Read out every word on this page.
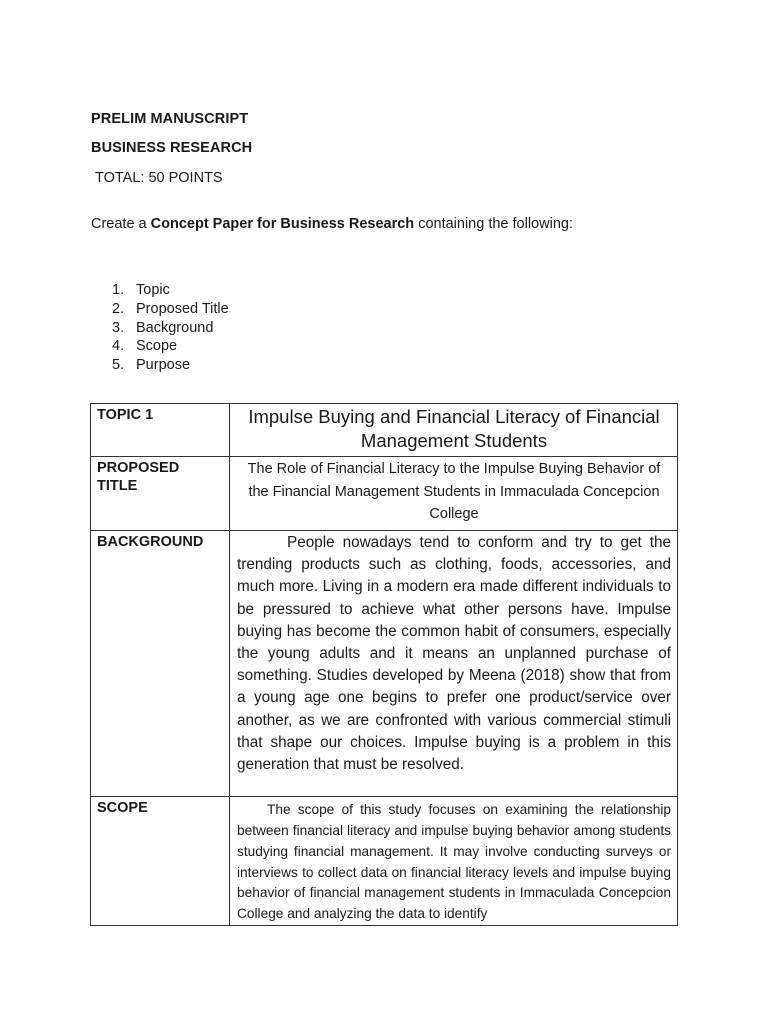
PRELIM MANUSCRIPT
BUSINESS RESEARCH
TOTAL: 50 POINTS
Create a Concept Paper for Business Research containing the following:
1. Topic
2. Proposed Title
3. Background
4. Scope
5. Purpose
TOPIC 1	Impulse Buying and Financial Literacy of Financial Management Students

PROPOSED TITLE	The Role of Financial Literacy to the Impulse Buying Behavior of the Financial Management Students in Immaculada Concepcion College

BACKGROUND	People nowadays tend to conform and try to get the trending products such as clothing, foods, accessories, and much more. Living in a modern era made different individuals to be pressured to achieve what other persons have. Impulse buying has become the common habit of consumers, especially the young adults and it means an unplanned purchase of something. Studies developed by Meena (2018) show that from a young age one begins to prefer one product/service over another, as we are confronted with various commercial stimuli that shape our choices. Impulse buying is a problem in this generation that must be resolved.

SCOPE	The scope of this study focuses on examining the relationship between financial literacy and impulse buying behavior among students studying financial management. It may involve conducting surveys or interviews to collect data on financial literacy levels and impulse buying behavior of financial management students in Immaculada Concepcion College and analyzing the data to identify
